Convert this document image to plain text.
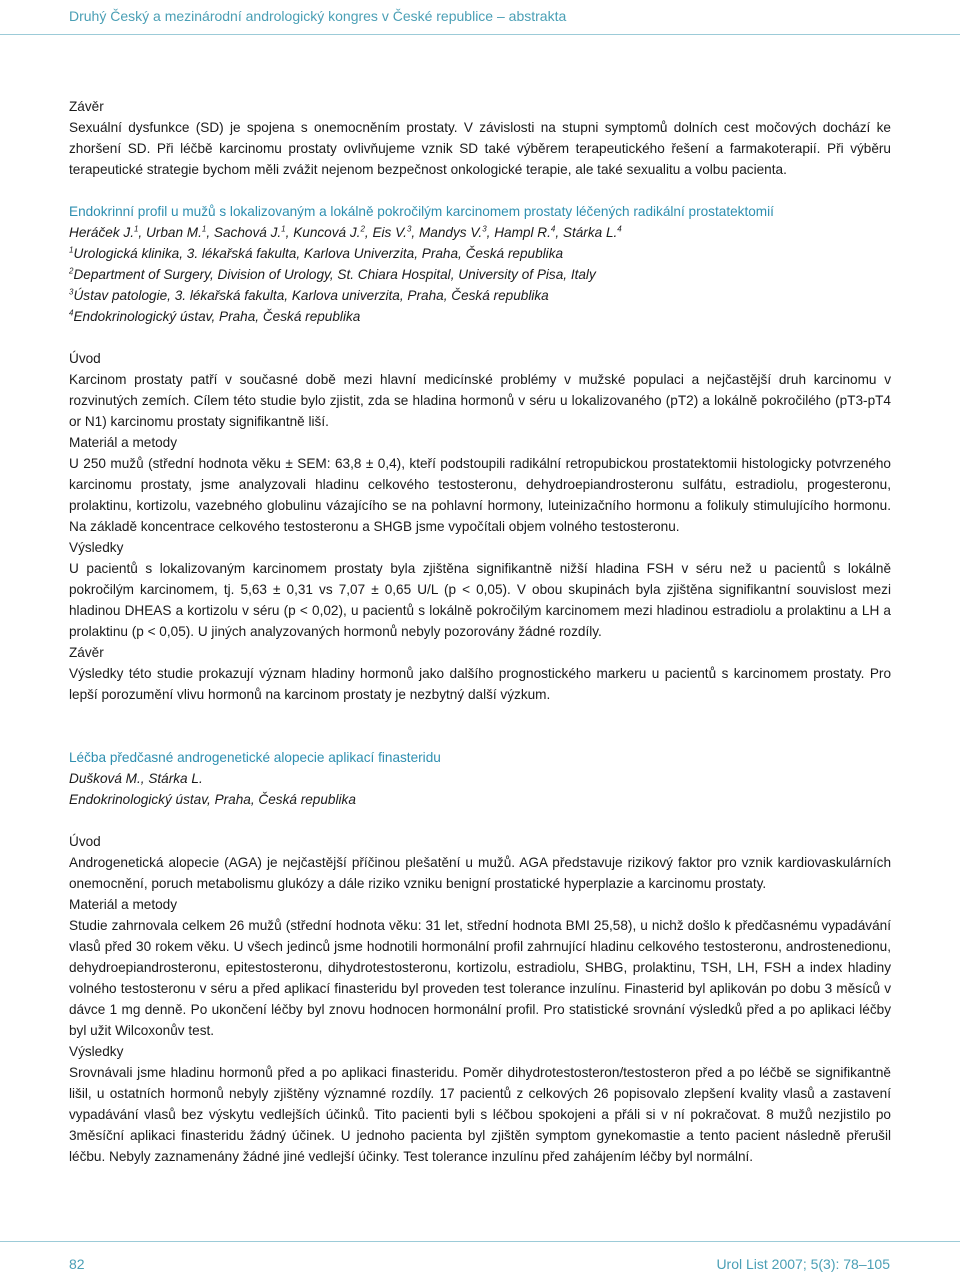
Druhý Český a mezinárodní andrologický kongres v České republice – abstrakta

Závěr

Sexuální dysfunkce (SD) je spojena s onemocněním prostaty. V závislosti na stupni symptomů dolních cest močových dochází ke zhoršení SD. Při léčbě karcinomu prostaty ovlivňujeme vznik SD také výběrem terapeutického řešení a farmakoterapií. Při výběru terapeutické strategie bychom měli zvážit nejenom bezpečnost onkologické terapie, ale také sexualitu a volbu pacienta.

Endokrinní profil u mužů s lokalizovaným a lokálně pokročilým karcinomem prostaty léčených radikální prostatektomií

Heráček J.$^1$, Urban M.$^1$, Sachová J.$^1$, Kuncová J.$^2$, Eis V.$^3$, Mandys V.$^3$, Hampl R.$^4$, Stárka L.$^4$

$^1$Urologická klinika, 3. lékařská fakulta, Karlova Univerzita, Praha, Česká republika

$^2$Department of Surgery, Division of Urology, St. Chiara Hospital, University of Pisa, Italy

$^3$Ústav patologie, 3. lékařská fakulta, Karlova univerzita, Praha, Česká republika

$^4$Endokrinologický ústav, Praha, Česká republika

Úvod

Karcinom prostaty patří v současné době mezi hlavní medicínské problémy v mužské populaci a nejčastější druh karcinomu v rozvinutých zemích. Cílem této studie bylo zjistit, zda se hladina hormonů v séru u lokalizovaného (pT2) a lokálně pokročilého (pT3-pT4 or N1) karcinomu prostaty signifikantně liší.

Materiál a metody

U 250 mužů (střední hodnota věku ± SEM: 63,8 ± 0,4), kteří podstoupili radikální retropubickou prostatektomii histologicky potvrzeného karcinomu prostaty, jsme analyzovali hladinu celkového testosteronu, dehydroepiandrosteronu sulfátu, estradiolu, progesteronu, prolaktinu, kortizolu, vazebného globulinu vázajícího se na pohlavní hormony, luteinizačního hormonu a folikuly stimulujícího hormonu. Na základě koncentrace celkového testosteronu a SHGB jsme vypočítali objem volného testosteronu.

Výsledky

U pacientů s lokalizovaným karcinomem prostaty byla zjištěna signifikantně nižší hladina FSH v séru než u pacientů s lokálně pokročilým karcinomem, tj. 5,63 ± 0,31 vs 7,07 ± 0,65 U/L (p < 0,05). V obou skupinách byla zjištěna signifikantní souvislost mezi hladinou DHEAS a kortizolu v séru (p < 0,02), u pacientů s lokálně pokročilým karcinomem mezi hladinou estradiolu a prolaktinu a LH a prolaktinu (p < 0,05). U jiných analyzovaných hormonů nebyly pozorovány žádné rozdíly.

Závěr

Výsledky této studie prokazují význam hladiny hormonů jako dalšího prognostického markeru u pacientů s karcinomem prostaty. Pro lepší porozumění vlivu hormonů na karcinom prostaty je nezbytný další výzkum.

Léčba předčasné androgenetické alopecie aplikací finasteridu

Dušková M., Stárka L.

Endokrinologický ústav, Praha, Česká republika

Úvod

Androgenetická alopecie (AGA) je nejčastější příčinou plešatění u mužů. AGA představuje rizikový faktor pro vznik kardiovaskulárních onemocnění, poruch metabolismu glukózy a dále riziko vzniku benigní prostatické hyperplazie a karcinomu prostaty.

Materiál a metody

Studie zahrnovala celkem 26 mužů (střední hodnota věku: 31 let, střední hodnota BMI 25,58), u nichž došlo k předčasnému vypadávání vlasů před 30 rokem věku. U všech jedinců jsme hodnotili hormonální profil zahrnující hladinu celkového testosteronu, androstenedionu, dehydroepiandrosteronu, epitestosteronu, dihydrotestosteronu, kortizolu, estradiolu, SHBG, prolaktinu, TSH, LH, FSH a index hladiny volného testosteronu v séru a před aplikací finasteridu byl proveden test tolerance inzulínu. Finasterid byl aplikován po dobu 3 měsíců v dávce 1 mg denně. Po ukončení léčby byl znovu hodnocen hormonální profil. Pro statistické srovnání výsledků před a po aplikaci léčby byl užit Wilcoxonův test.

Výsledky

Srovnávali jsme hladinu hormonů před a po aplikaci finasteridu. Poměr dihydrotestosteron/testosteron před a po léčbě se signifikantně lišil, u ostatních hormonů nebyly zjištěny významné rozdíly. 17 pacientů z celkových 26 popisovalo zlepšení kvality vlasů a zastavení vypadávání vlasů bez výskytu vedlejších účinků. Tito pacienti byli s léčbou spokojeni a přáli si v ní pokračovat. 8 mužů nezjistilo po 3měsíční aplikaci finasteridu žádný účinek. U jednoho pacienta byl zjištěn symptom gynekomastie a tento pacient následně přerušil léčbu. Nebyly zaznamenány žádné jiné vedlejší účinky. Test tolerance inzulínu před zahájením léčby byl normální.

82	Urol List 2007; 5(3): 78–105
